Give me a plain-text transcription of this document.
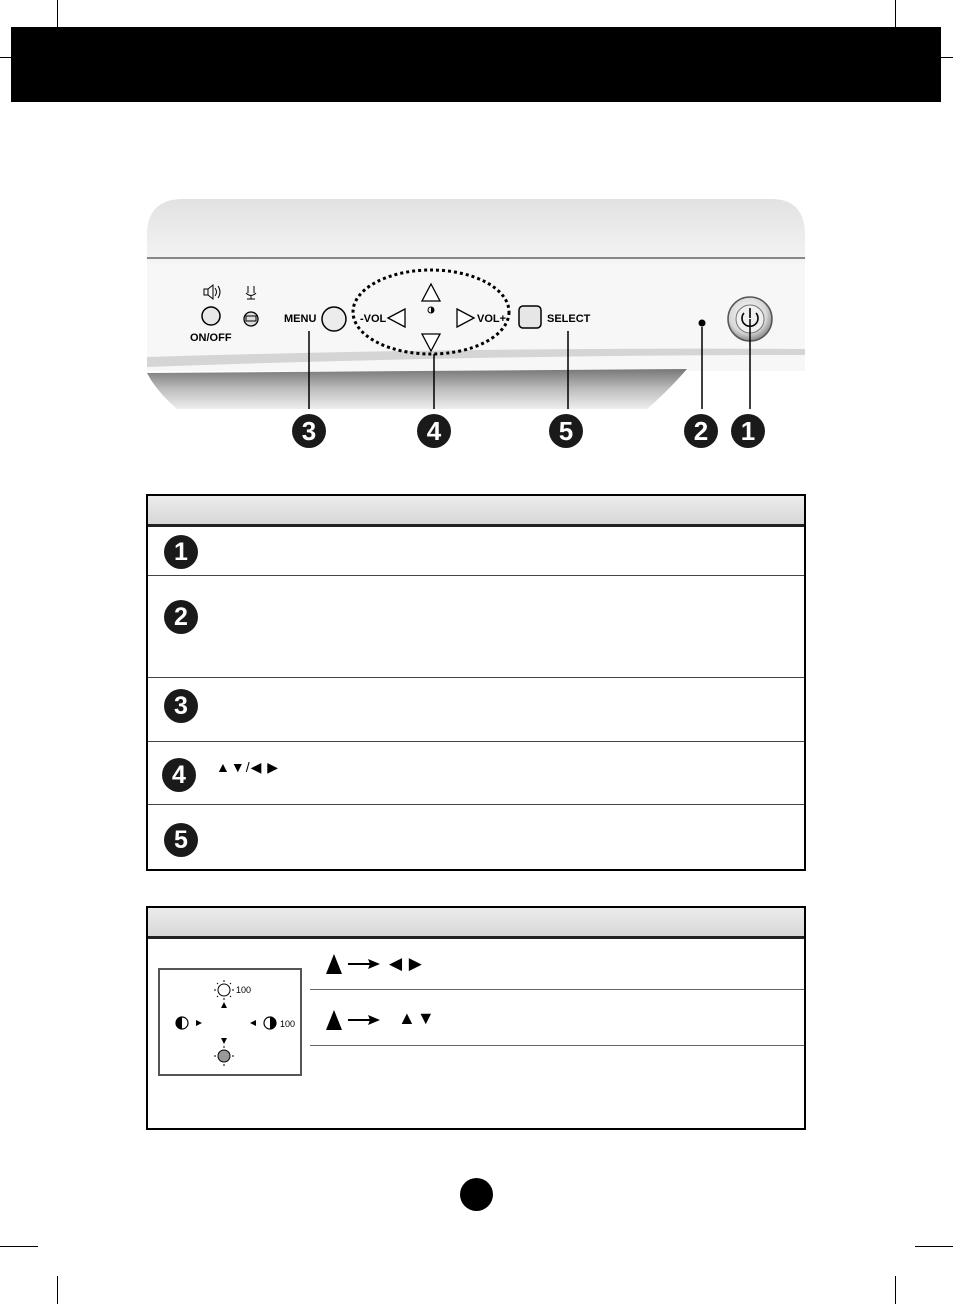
ON/OFF
MENU	-VOL	VOL+	SELECT
3	4	5	2	1
1
2
3
4	▲▼/◀ ▶
5
100
100
◀ ▶
▲▼
